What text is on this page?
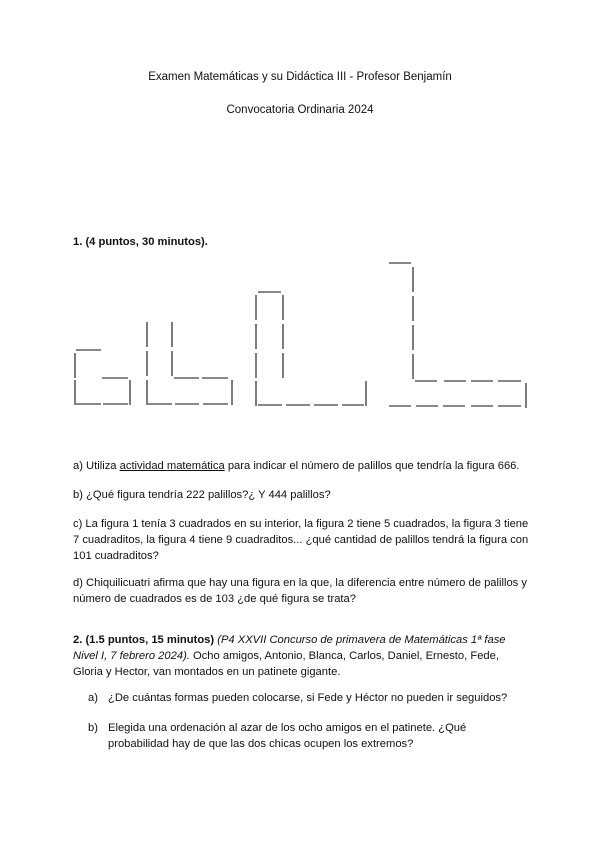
Examen Matemáticas y su Didáctica III - Profesor Benjamín
Convocatoria Ordinaria 2024
1. (4 puntos, 30 minutos).
a) Utiliza actividad matemática para indicar el número de palillos que tendría la figura 666.
b) ¿Qué figura tendría 222 palillos?¿ Y 444 palillos?
c) La figura 1 tenía 3 cuadrados en su interior, la figura 2 tiene 5 cuadrados, la figura 3 tiene
7 cuadraditos, la figura 4 tiene 9 cuadraditos... ¿qué cantidad de palillos tendrá la figura con
101 cuadraditos?
d) Chiquilicuatri afirma que hay una figura en la que, la diferencia entre número de palillos y
número de cuadrados es de 103 ¿de qué figura se trata?
2. (1.5 puntos, 15 minutos) (P4 XXVII Concurso de primavera de Matemáticas 1ª fase
Nivel I, 7 febrero 2024). Ocho amigos, Antonio, Blanca, Carlos, Daniel, Ernesto, Fede,
Gloria y Hector, van montados en un patinete gigante.
a) ¿De cuántas formas pueden colocarse, si Fede y Héctor no pueden ir seguidos?
b) Elegida una ordenación al azar de los ocho amigos en el patinete. ¿Qué
probabilidad hay de que las dos chicas ocupen los extremos?
